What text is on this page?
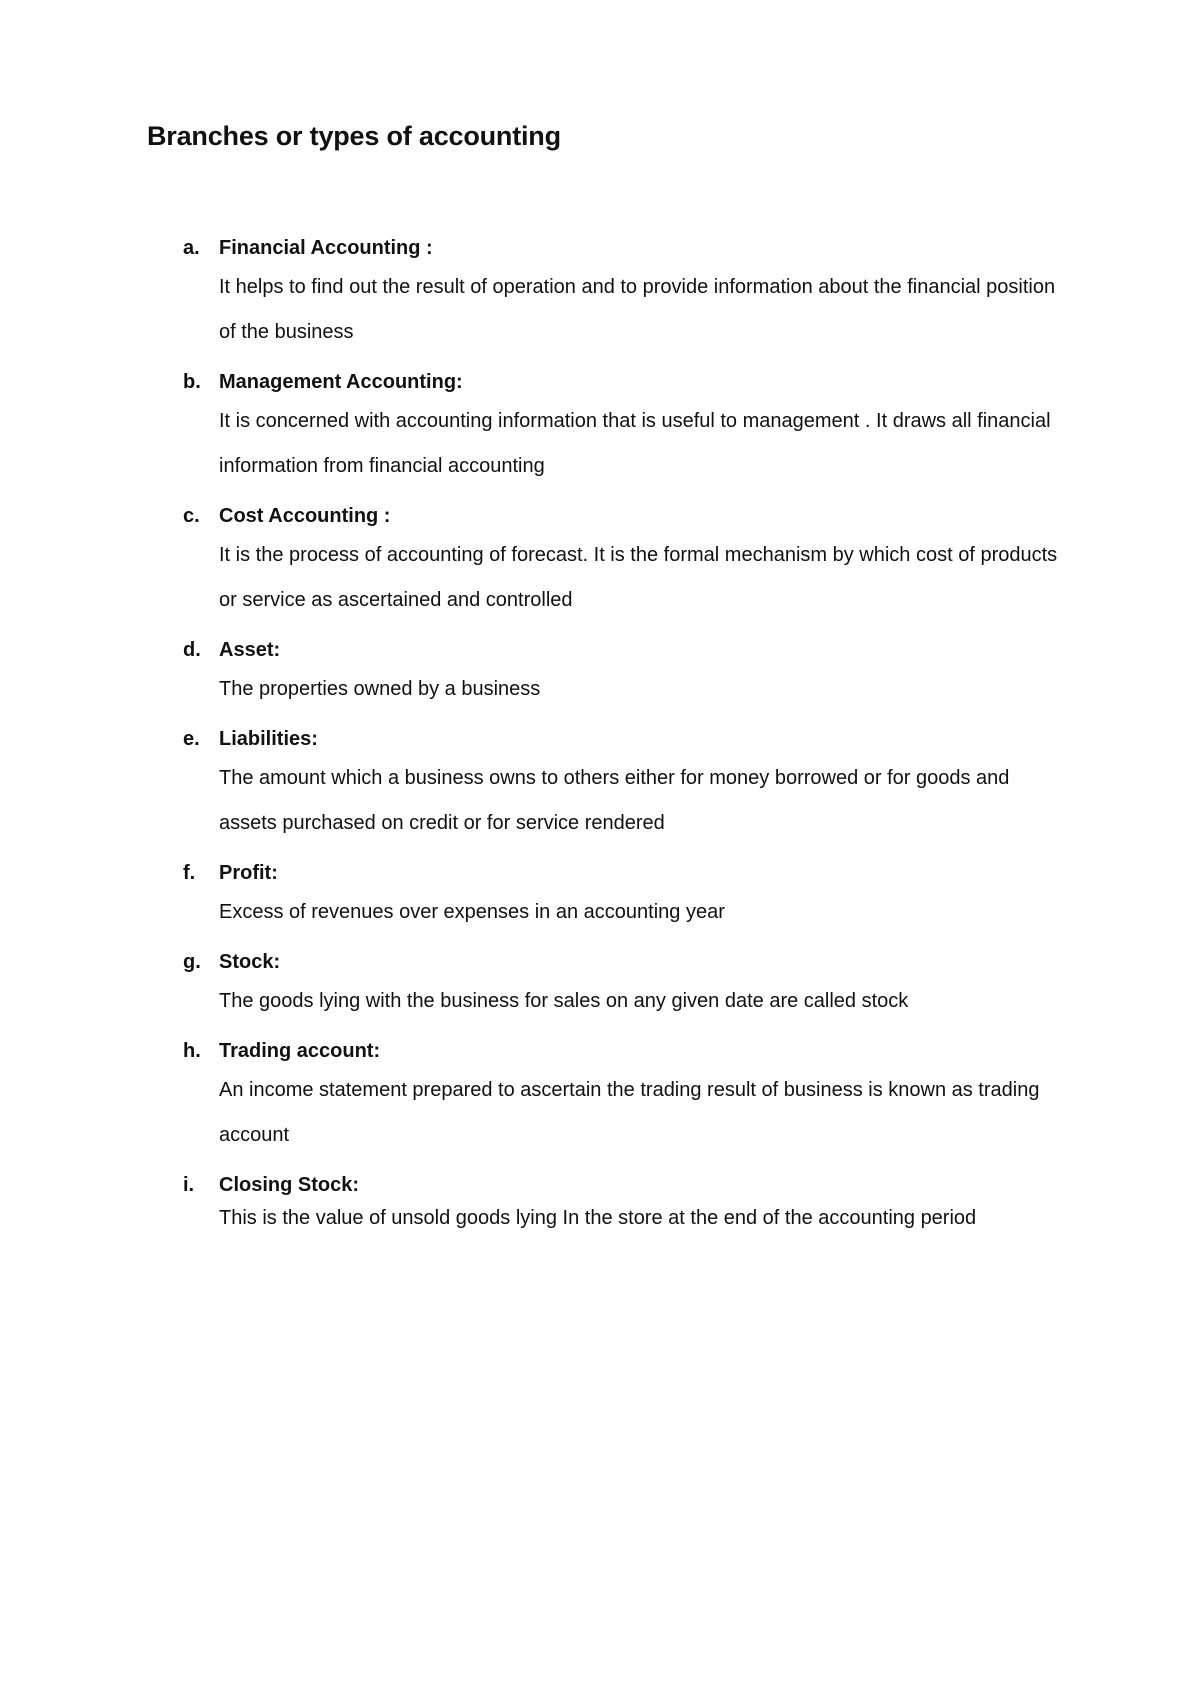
Branches or types of accounting
a. Financial Accounting :

It helps to find out the result of operation and to provide information about the financial position of the business

b. Management Accounting:

It is concerned with accounting information that is useful to management . It draws all financial information from financial accounting

c. Cost Accounting :

It is the process of accounting of forecast. It is the formal mechanism by which cost of products or service as ascertained and controlled

d. Asset:

The properties owned by a business

e. Liabilities:

The amount which a business owns to others either for money borrowed or for goods and assets purchased on credit or for service rendered

f. Profit:

Excess of revenues over expenses in an accounting year

g. Stock:

The goods lying with the business for sales on any given date are called stock

h. Trading account:

An income statement prepared to ascertain the trading result of business is known as trading account

i. Closing Stock:

This is the value of unsold goods lying In the store at the end of the accounting period
